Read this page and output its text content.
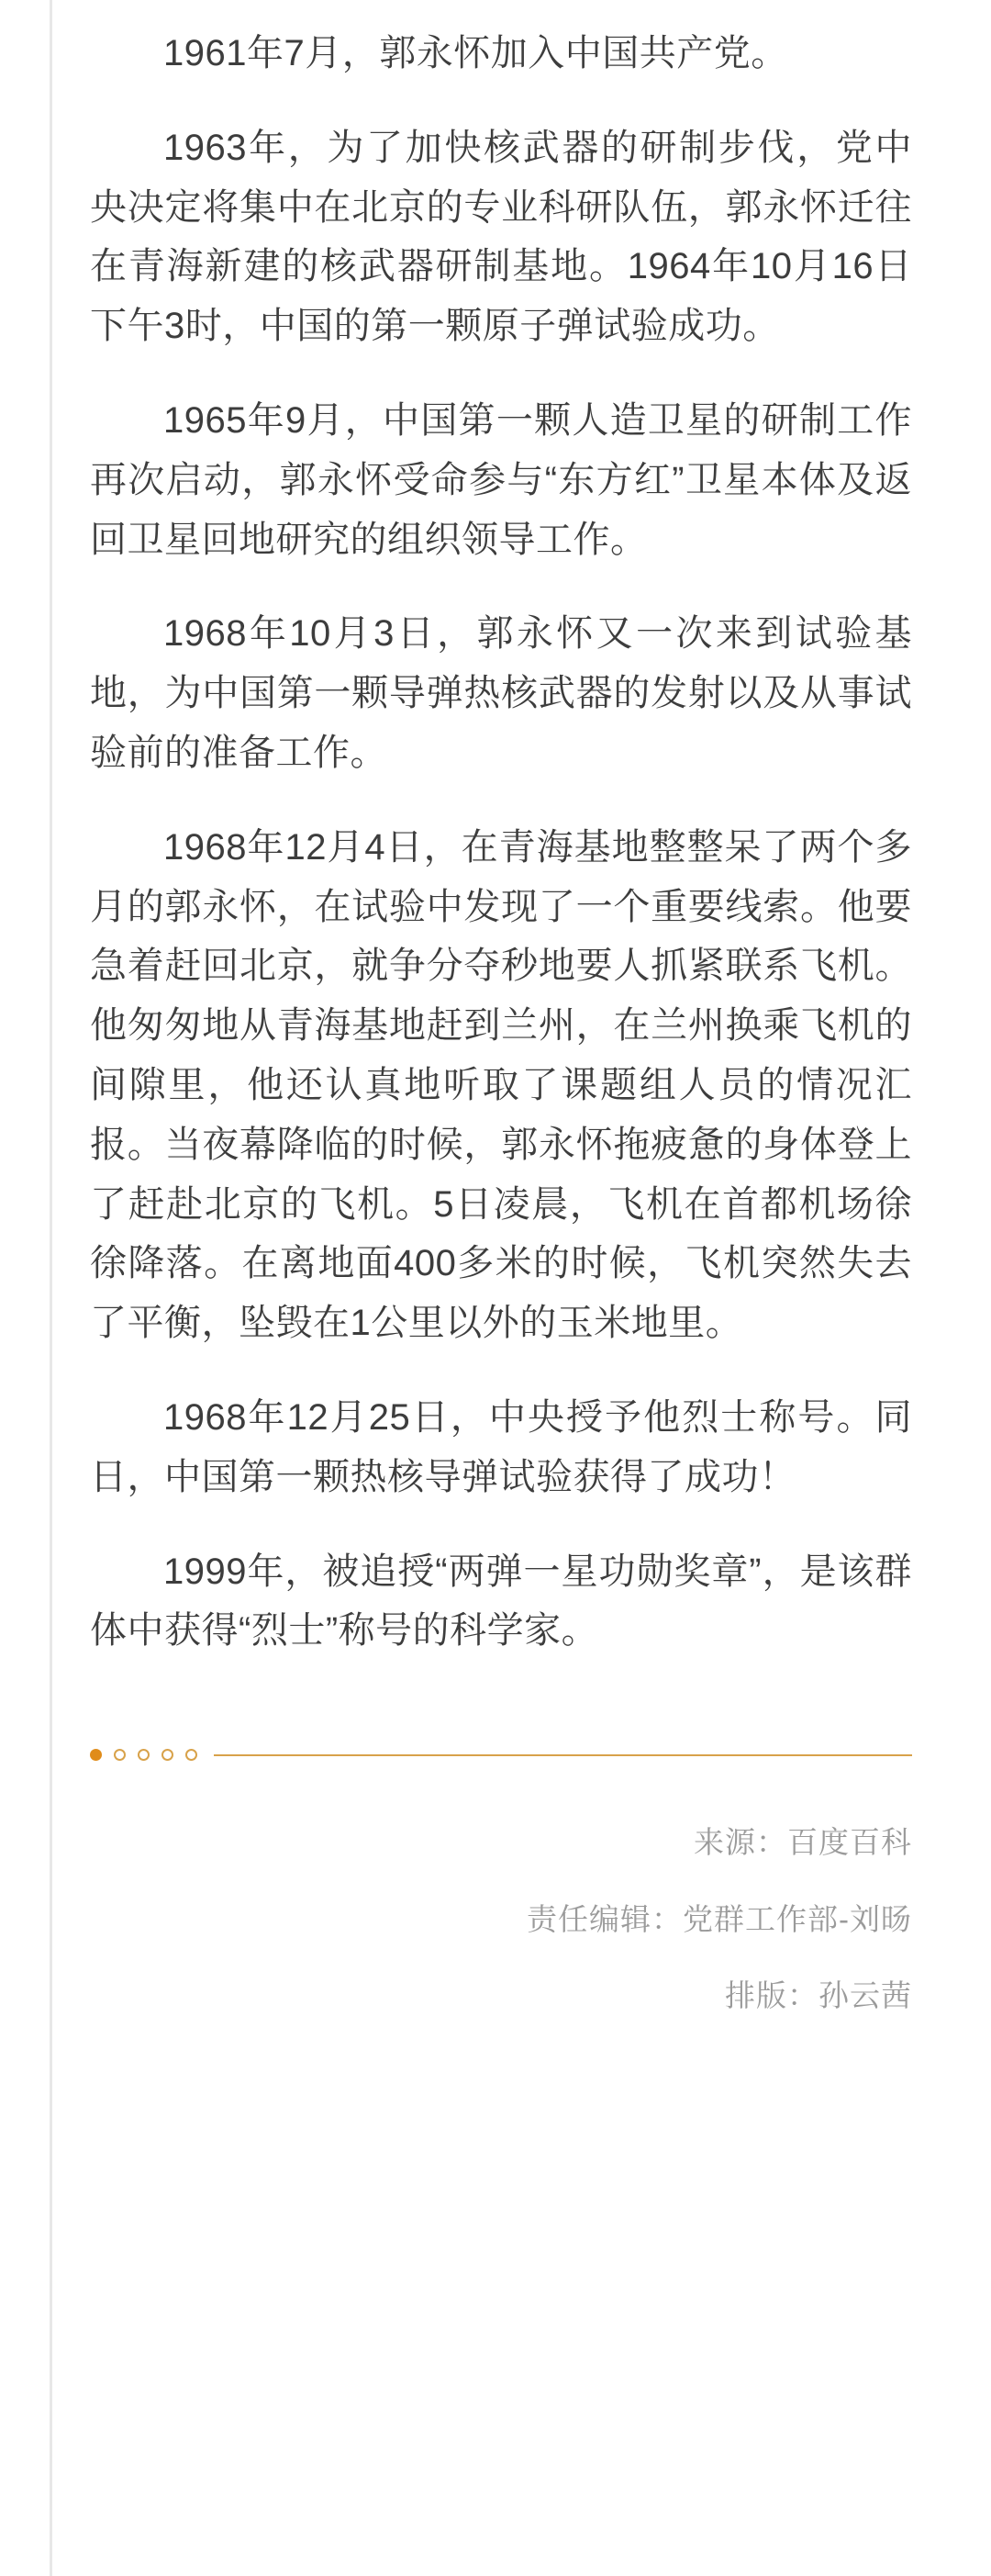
1961年7月，郭永怀加入中国共产党。

1963年，为了加快核武器的研制步伐，党中央决定将集中在北京的专业科研队伍，郭永怀迁往在青海新建的核武器研制基地。1964年10月16日下午3时，中国的第一颗原子弹试验成功。

1965年9月，中国第一颗人造卫星的研制工作再次启动，郭永怀受命参与“东方红”卫星本体及返回卫星回地研究的组织领导工作。

1968年10月3日，郭永怀又一次来到试验基地，为中国第一颗导弹热核武器的发射以及从事试验前的准备工作。

1968年12月4日，在青海基地整整呆了两个多月的郭永怀，在试验中发现了一个重要线索。他要急着赶回北京，就争分夺秒地要人抓紧联系飞机。他匆匆地从青海基地赶到兰州，在兰州换乘飞机的间隙里，他还认真地听取了课题组人员的情况汇报。当夜幕降临的时候，郭永怀拖疲惫的身体登上了赶赴北京的飞机。5日凌晨，飞机在首都机场徐徐降落。在离地面400多米的时候，飞机突然失去了平衡，坠毁在1公里以外的玉米地里。

1968年12月25日，中央授予他烈士称号。同日，中国第一颗热核导弹试验获得了成功！

1999年，被追授“两弹一星功勋奖章”，是该群体中获得“烈士”称号的科学家。

来源：百度百科
责任编辑：党群工作部-刘旸
排版：孙云茜
